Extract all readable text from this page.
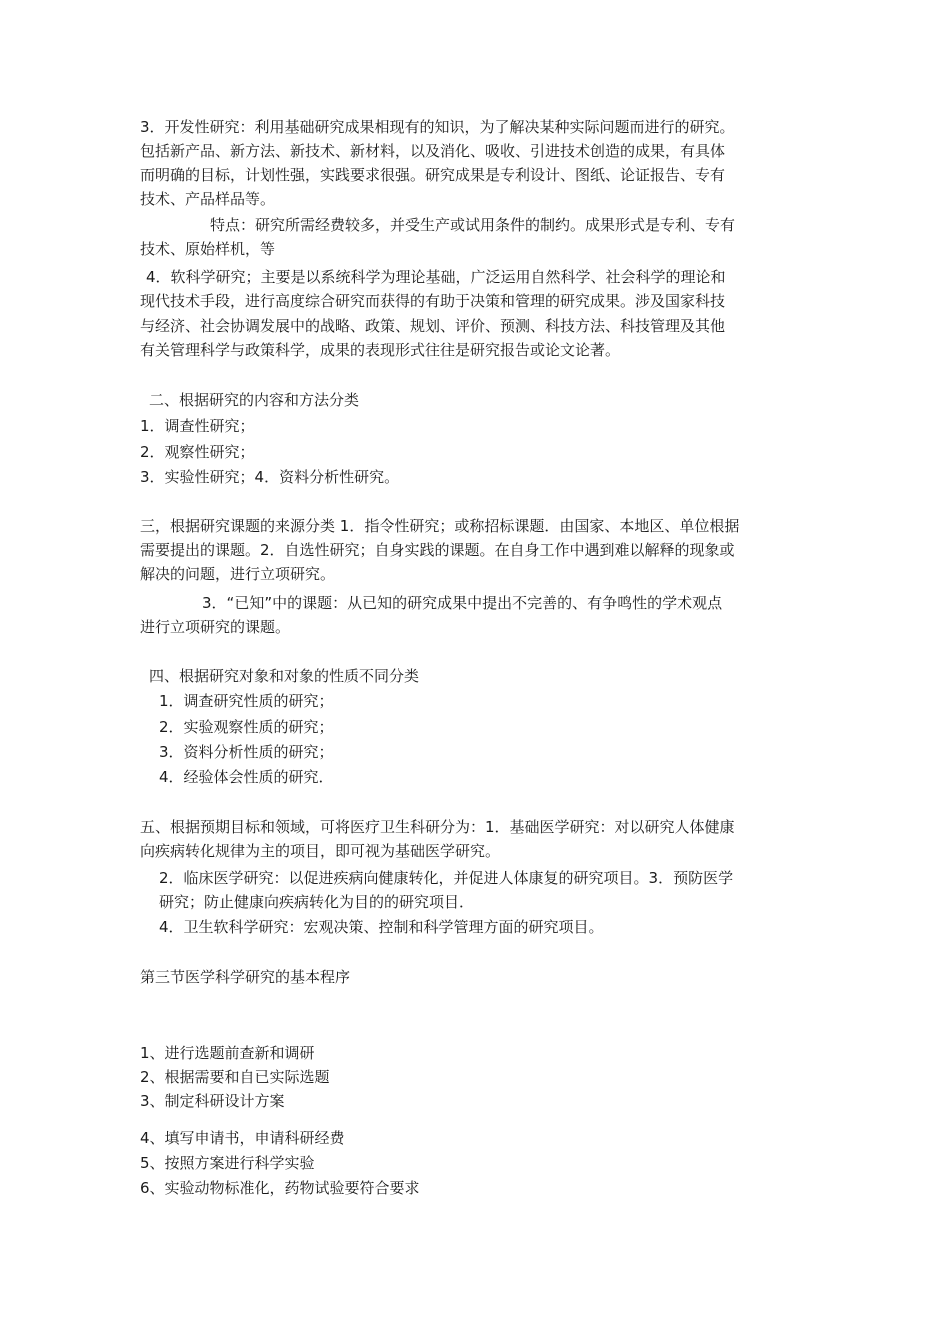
3．开发性研究：利用基础研究成果相现有的知识，为了解决某种实际问题而进行的研究。

包括新产品、新方法、新技术、新材料，以及消化、吸收、引进技术创造的成果，有具体

而明确的目标，计划性强，实践要求很强。研究成果是专利设计、图纸、论证报告、专有

技术、产品样品等。

特点：研究所需经费较多，并受生产或试用条件的制约。成果形式是专利、专有

技术、原始样机，等

4．软科学研究；主要是以系统科学为理论基础，广泛运用自然科学、社会科学的理论和

现代技术手段，进行高度综合研究而获得的有助于决策和管理的研究成果。涉及国家科技

与经济、社会协调发展中的战略、政策、规划、评价、预测、科技方法、科技管理及其他

有关管理科学与政策科学，成果的表现形式往往是研究报告或论文论著。

二、根据研究的内容和方法分类

1．调查性研究；

2．观察性研究；

3．实验性研究；4．资料分析性研究。

三，根据研究课题的来源分类 1．指令性研究；或称招标课题．由国家、本地区、单位根据

需要提出的课题。2．自选性研究；自身实践的课题。在自身工作中遇到难以解释的现象或

解决的问题，进行立项研究。

3．“已知”中的课题：从已知的研究成果中提出不完善的、有争鸣性的学术观点

进行立项研究的课题。

四、根据研究对象和对象的性质不同分类

1．调查研究性质的研究；

2．实验观察性质的研究；

3．资料分析性质的研究；

4．经验体会性质的研究．

五、根据预期目标和领域，可将医疗卫生科研分为：1．基础医学研究：对以研究人体健康

向疾病转化规律为主的项目，即可视为基础医学研究。

2．临床医学研究：以促进疾病向健康转化，并促进人体康复的研究项目。3．预防医学

研究；防止健康向疾病转化为目的的研究项目．

4．卫生软科学研究：宏观决策、控制和科学管理方面的研究项目。

第三节医学科学研究的基本程序

1、进行选题前查新和调研

2、根据需要和自已实际选题

3、制定科研设计方案

4、填写申请书，申请科研经费

5、按照方案进行科学实验

6、实验动物标准化，药物试验要符合要求
